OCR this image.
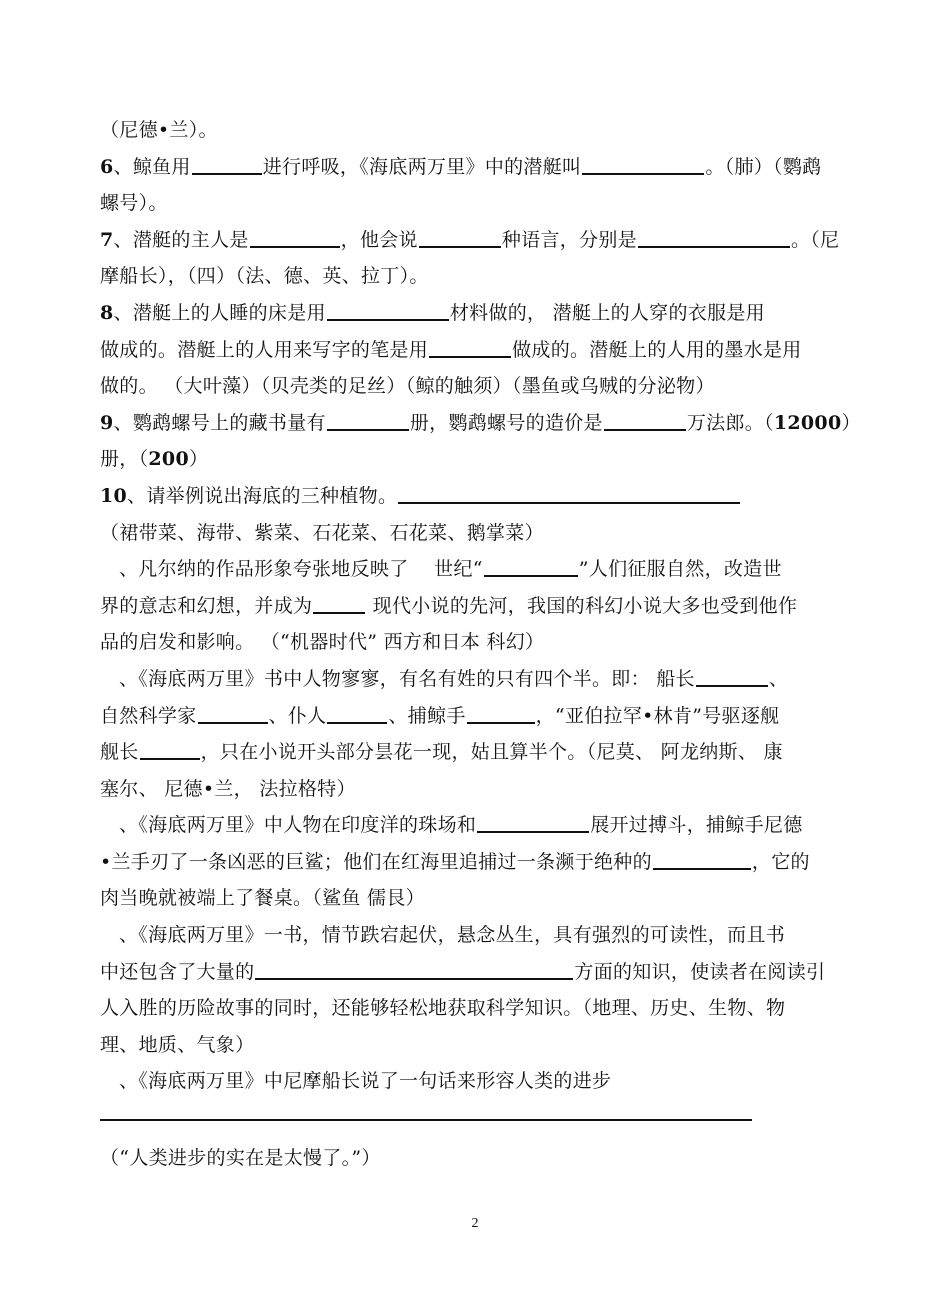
（尼德•兰）。
6、鲸鱼用	进行呼吸，《海底两万里》中的潜艇叫	。（肺）（鹦鹉
螺号）。
7、潜艇的主人是	，他会说	种语言，分别是	。（尼
摩船长），（四）（法、德、英、拉丁）。
8、潜艇上的人睡的床是用	材料做的， 潜艇上的人穿的衣服是用
做成的。潜艇上的人用来写字的笔是用	做成的。潜艇上的人用的墨水是用
做的。 （大叶藻）（贝壳类的足丝）（鲸的触须）（墨鱼或乌贼的分泌物）
9、鹦鹉螺号上的藏书量有	册，鹦鹉螺号的造价是	万法郎。（12000）
册，（200）
10、请举例说出海底的三种植物。
（裙带菜、海带、紫菜、石花菜、石花菜、鹅掌菜）
、凡尔纳的作品形象夸张地反映了　 世纪“	”人们征服自然，改造世
界的意志和幻想，并成为	现代小说的先河，我国的科幻小说大多也受到他作
品的启发和影响。 （“机器时代” 西方和日本 科幻）
、《海底两万里》书中人物寥寥，有名有姓的只有四个半。即： 船长	、
自然科学家	、仆人	、捕鲸手	，“亚伯拉罕•林肯”号驱逐舰
舰长	，只在小说开头部分昙花一现，姑且算半个。（尼莫、 阿龙纳斯、 康
塞尔、 尼德•兰， 法拉格特）
、《海底两万里》中人物在印度洋的珠场和	展开过搏斗，捕鲸手尼德
•兰手刃了一条凶恶的巨鲨；他们在红海里追捕过一条濒于绝种的	，它的
肉当晚就被端上了餐桌。（鲨鱼 儒艮）
、《海底两万里》一书，情节跌宕起伏，悬念丛生，具有强烈的可读性，而且书
中还包含了大量的	方面的知识，使读者在阅读引
人入胜的历险故事的同时，还能够轻松地获取科学知识。（地理、历史、生物、物
理、地质、气象）
、《海底两万里》中尼摩船长说了一句话来形容人类的进步
（“人类进步的实在是太慢了。”）
2
